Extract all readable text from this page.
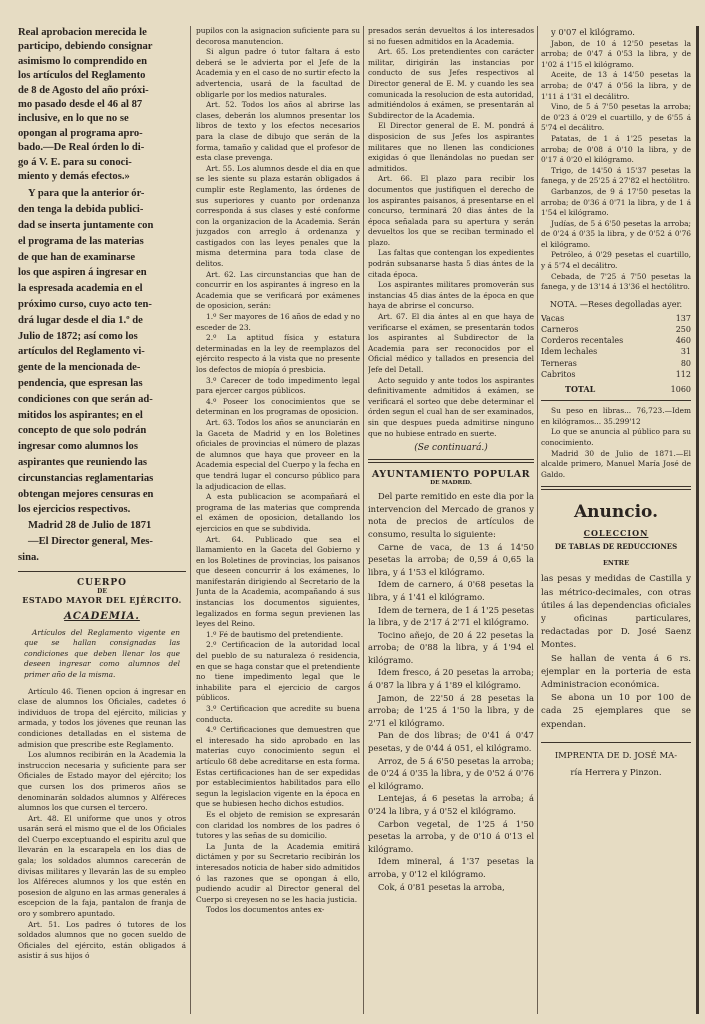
Real aprobacion merecida le
participo, debiendo consignar
asimismo lo comprendido en
los artículos del Reglamento
de 8 de Agosto del año próxi-
mo pasado desde el 46 al 87
inclusive, en lo que no se
opongan al programa apro-
bado.—De Real órden lo di-
go á V. E. para su conoci-
miento y demás efectos.»
Y para que la anterior ór-
den tenga la debida publici-
dad se inserta juntamente con
el programa de las materias
de que han de examinarse
los que aspiren á ingresar en
la espresada academia en el
próximo curso, cuyo acto ten-
drá lugar desde el dia 1.º de
Julio de 1872; así como los
artículos del Reglamento vi-
gente de la mencionada de-
pendencia, que espresan las
condiciones con que serán ad-
mitidos los aspirantes; en el
concepto de que solo podrán
ingresar como alumnos los
aspirantes que reuniendo las
circunstancias reglamentarias
obtengan mejores censuras en
los ejercicios respectivos.
Madrid 28 de Julio de 1871
—El Director general, Mes-
sina.
CUERPO
DE
ESTADO MAYOR DEL EJÉRCITO.
ACADEMIA.

Artículos del Reglamento vigente en que se hallan consignadas las condiciones que deben llenar los que deseen ingresar como alumnos del primer año de la misma.

Artículo 46. Tienen opcion á ingresar en clase de alumnos los Oficiales, cadetes ó individuos de tropa del ejército, milicias y armada, y todos los jóvenes que reunan las condiciones detalladas en el sistema de admision que prescribe este Reglamento.

Los alumnos recibirán en la Academia la instruccion necesaria y suficiente para ser Oficiales de Estado mayor del ejército; los que cursen los dos primeros años se denominarán soldados alumnos y Alféreces alumnos los que cursen el tercero.

Art. 48. El uniforme que unos y otros usarán será el mismo que el de los Oficiales del Cuerpo exceptuando el espiritu azul que llevarán en la escarapela en los dias de gala; los soldados alumnos carecerán de divisas militares y llevarán las de su empleo los Alféreces alumnos y los que estén en posesion de alguno en las armas generales á escepcion de la faja, pantalon de franja de oro y sombrero apuntado.

Art. 51. Los padres ó tutores de los soldados alumnos que no gocen sueldo de Oficiales del ejército, están obligados á asistir á sus hijos ó

pupilos con la asignacion suficiente para su decorosa manutencion.

Si algun padre ó tutor faltara á esto deberá se le advierta por el Jefe de la Academia y en el caso de no surtir efecto la advertencia, usará de la facultad de obligarle por los medios naturales.

Art. 52. Todos los años al abrirse las clases, deberán los alumnos presentar los libros de texto y los efectos necesarios para la clase de dibujo que serán de la forma, tamaño y calidad que el profesor de esta clase prevenga.

Art. 55. Los alumnos desde el dia en que se les siente su plaza estarán obligados á cumplir este Reglamento, las órdenes de sus superiores y cuanto por ordenanza corresponda á sus clases y esté conforme con la organizacion de la Academia. Serán juzgados con arreglo á ordenanza y castigados con las leyes penales que la misma determina para toda clase de delitos.

Art. 62. Las circunstancias que han de concurrir en los aspirantes á ingreso en la Academia que se verificará por exámenes de oposicion, serán:

1.º Ser mayores de 16 años de edad y no esceder de 23.

2.º La aptitud física y estatura determinadas en la ley de reemplazos del ejército respecto á la vista que no presente los defectos de miopía ó presbicia.

3.º Carecer de todo impedimento legal para ejercer cargos públicos.

4.º Poseer los conocimientos que se determinan en los programas de oposicion.

Art. 63. Todos los años se anunciarán en la Gaceta de Madrid y en los Boletines oficiales de provincias el número de plazas de alumnos que haya que proveer en la Academia especial del Cuerpo y la fecha en que tendrá lugar el concurso público para la adjudicacion de ellas.

A esta publicacion se acompañará el programa de las materias que comprenda el exámen de oposicion, detallando los ejercicios en que se subdivida.

Art. 64. Publicado que sea el llamamiento en la Gaceta del Gobierno y en los Boletines de provincias, los paisanos que deseen concurrir á los exámenes, lo manifestarán dirigiendo al Secretario de la Junta de la Academia, acompañando á sus instancias los documentos siguientes, legalizados en forma segun previenen las leyes del Reino.

1.º Fé de bautismo del pretendiente.

2.º Certificacion de la autoridad local del pueblo de su naturaleza ó residencia, en que se haga constar que el pretendiente no tiene impedimento legal que le inhabilite para el ejercicio de cargos públicos.

3.º Certificacion que acredite su buena conducta.

4.º Certificaciones que demuestren que el interesado ha sido aprobado en las materias cuyo conocimiento segun el artículo 68 debe acreditarse en esta forma. Estas certificaciones han de ser expedidas por establecimientos habilitados para ello segun la legislacion vigente en la época en que se hubiesen hecho dichos estudios.

Es el objeto de remision se expresarán con claridad los nombres de los padres ó tutores y las señas de su domicilio.

La Junta de la Academia emitirá dictámen y por su Secretario recibirán los interesados noticia de haber sido admitidos ó las razones que se opongan á ello, pudiendo acudir al Director general del Cuerpo si creyesen no se les hacia justicia.

Todos los documentos antes ex-

presados serán devueltos á los interesados si no fuesen admitidos en la Academia.

Art. 65. Los pretendientes con carácter militar, dirigirán las instancias por conducto de sus Jefes respectivos al Director general de E. M. y cuando les sea comunicada la resolucion de esta autoridad, admitiéndolos á exámen, se presentarán al Subdirector de la Academia.

El Director general de E. M. pondrá á disposicion de sus Jefes los aspirantes militares que no llenen las condiciones exigidas ó que llenándolas no puedan ser admitidos.

Art. 66. El plazo para recibir los documentos que justifiquen el derecho de los aspirantes paisanos, á presentarse en el concurso, terminará 20 dias ántes de la época señalada para su apertura y serán devueltos los que se reciban terminado el plazo.

Las faltas que contengan los expedientes podrán subsanarse hasta 5 dias ántes de la citada época.

Los aspirantes militares promoverán sus instancias 45 dias ántes de la época en que haya de abrirse el concurso.

Art. 67. El dia ántes al en que haya de verificarse el exámen, se presentarán todos los aspirantes al Subdirector de la Academia para ser reconocidos por el Oficial médico y tallados en presencia del Jefe del Detall.

Acto seguido y ante todos los aspirantes definitivamente admitidos á exámen, se verificará el sorteo que debe determinar el órden segun el cual han de ser examinados, sin que despues pueda admitirse ninguno que no hubiese entrado en suerte.

(Se continuará.)
AYUNTAMIENTO POPULAR
DE MADRID.

Del parte remitido en este dia por la intervencion del Mercado de granos y nota de precios de artículos de consumo, resulta lo siguiente:

Carne de vaca, de 13 á 14'50 pesetas la arroba; de 0,59 á 0,65 la libra, y á 1'53 el kilógramo.

Idem de carnero, á 0'68 pesetas la libra, y á 1'41 el kilógramo.

Idem de ternera, de 1 á 1'25 pesetas la libra, y de 2'17 á 2'71 el kilógramo.

Tocino añejo, de 20 á 22 pesetas la arroba; de 0'88 la libra, y á 1'94 el kilógramo.

Idem fresco, á 20 pesetas la arroba; á 0'87 la libra y á 1'89 el kilógramo.

Jamon, de 22'50 á 28 pesetas la arroba; de 1'25 á 1'50 la libra, y de 2'71 el kilógramo.

Pan de dos libras; de 0'41 á 0'47 pesetas, y de 0'44 á 051, el kilógramo.

Arroz, de 5 á 6'50 pesetas la arroba; de 0'24 á 0'35 la libra, y de 0'52 á 0'76 el kilógramo.

Lentejas, á 6 pesetas la arroba; á 0'24 la libra, y á 0'52 el kilógramo.

Carbon vegetal, de 1'25 á 1'50 pesetas la arroba, y de 0'10 á 0'13 el kilógramo.

Idem mineral, á 1'37 pesetas la arroba, y 0'12 el kilógramo.

Cok, á 0'81 pesetas la arroba,

y 0'07 el kilógramo.

Jabon, de 10 á 12'50 pesetas la arroba; de 0'47 á 0'53 la libra, y de 1'02 á 1'15 el kilógramo.

Aceite, de 13 á 14'50 pesetas la arroba; de 0'47 á 0'56 la libra, y de 1'11 á 1'31 el decálitro.

Vino, de 5 á 7'50 pesetas la arroba; de 0'23 á 0'29 el cuartillo, y de 6'55 á 5'74 el decálitro.

Patatas, de 1 á 1'25 pesetas la arroba; de 0'08 á 0'10 la libra, y de 0'17 á 0'20 el kilógramo.

Trigo, de 14'50 á 15'37 pesetas la fanega, y de 25'25 á 27'82 el hectólitro.

Garbanzos, de 9 á 17'50 pesetas la arroba; de 0'36 á 0'71 la libra, y de 1 á 1'54 el kilógramo.

Judías, de 5 á 6'50 pesetas la arroba; de 0'24 á 0'35 la libra, y de 0'52 á 0'76 el kilógramo.

Petróleo, á 0'29 pesetas el cuartillo, y á 5'74 el decálitro.

Cebada, de 7'25 á 7'50 pesetas la fanega, y de 13'14 á 13'36 el hectólitro.

NOTA. —Reses degolladas ayer.
Vacas	137
Carneros	250
Corderos recentales	460
Idem lechales	31
Terneras	80
Cabritos	112
TOTAL	1060

Su peso en libras... 76,723.—Idem en kilógramos... 35.299'12

Lo que se anuncia al público para su conocimiento.

Madrid 30 de Julio de 1871.—El alcalde primero, Manuel María José de Galdo.

Anuncio.
COLECCION
DE TABLAS DE REDUCCIONES
ENTRE

las pesas y medidas de Castilla y las métrico-decimales, con otras útiles á las dependencias oficiales y oficinas particulares, redactadas por D. José Saenz Montes.

Se hallan de venta á 6 rs. ejemplar en la porteria de esta Administracion económica.

Se abona un 10 por 100 de cada 25 ejemplares que se expendan.

IMPRENTA DE D. JOSÉ MA-
ría Herrera y Pinzon.
